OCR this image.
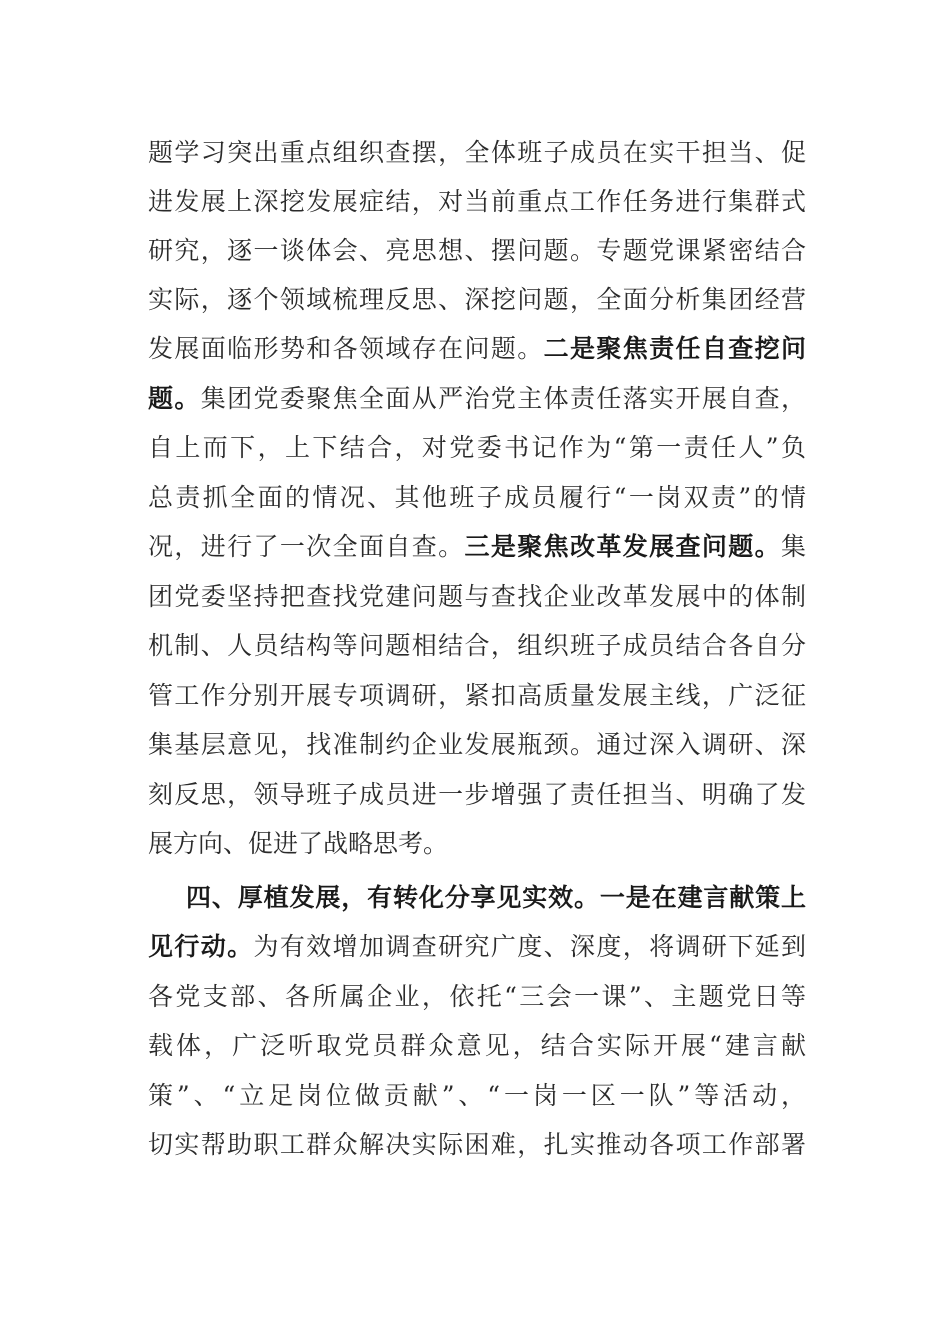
题学习突出重点组织查摆，全体班子成员在实干担当、促
进发展上深挖发展症结，对当前重点工作任务进行集群式
研究，逐一谈体会、亮思想、摆问题。专题党课紧密结合
实际，逐个领域梳理反思、深挖问题，全面分析集团经营
发展面临形势和各领域存在问题。二是聚焦责任自查挖问
题。集团党委聚焦全面从严治党主体责任落实开展自查，
自上而下，上下结合，对党委书记作为“第一责任人”负
总责抓全面的情况、其他班子成员履行“一岗双责”的情
况，进行了一次全面自查。三是聚焦改革发展查问题。集
团党委坚持把查找党建问题与查找企业改革发展中的体制
机制、人员结构等问题相结合，组织班子成员结合各自分
管工作分别开展专项调研，紧扣高质量发展主线，广泛征
集基层意见，找准制约企业发展瓶颈。通过深入调研、深
刻反思，领导班子成员进一步增强了责任担当、明确了发
展方向、促进了战略思考。
四、厚植发展，有转化分享见实效。一是在建言献策上
见行动。为有效增加调查研究广度、深度，将调研下延到
各党支部、各所属企业，依托“三会一课”、主题党日等
载体，广泛听取党员群众意见，结合实际开展“建言献
策”、“立足岗位做贡献”、“一岗一区一队”等活动，
切实帮助职工群众解决实际困难，扎实推动各项工作部署
